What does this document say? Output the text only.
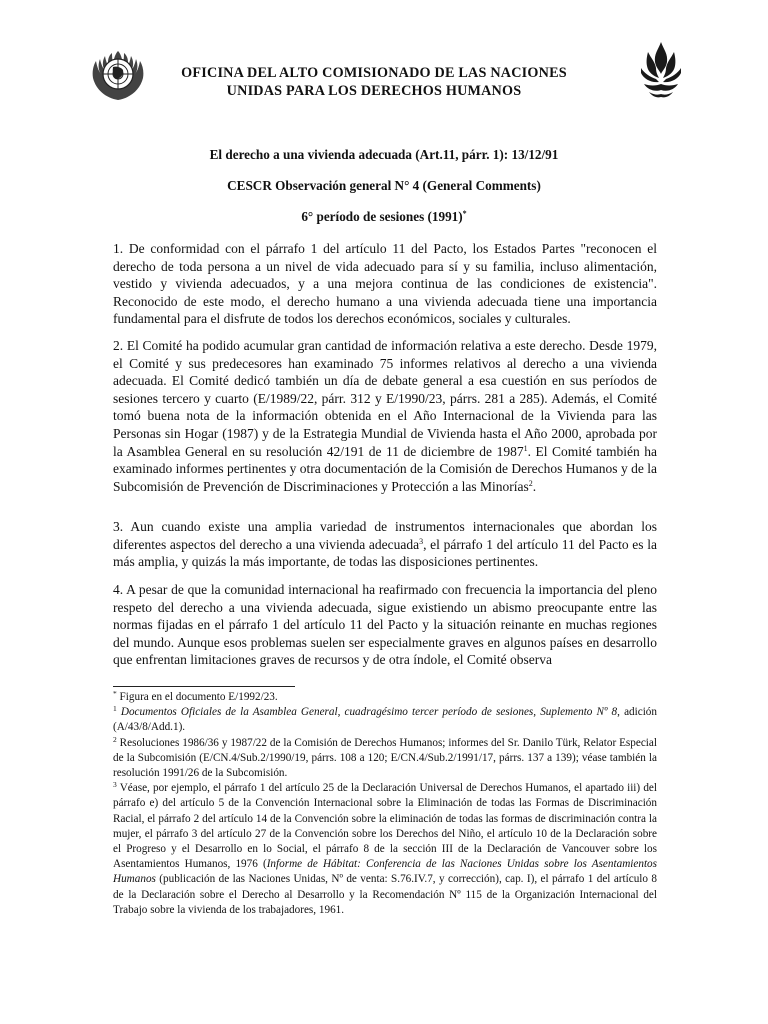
OFICINA DEL ALTO COMISIONADO DE LAS NACIONES
UNIDAS PARA LOS DERECHOS HUMANOS
El derecho a una vivienda adecuada (Art.11, párr. 1): 13/12/91
CESCR Observación general N° 4 (General Comments)
6° período de sesiones (1991)*

1. De conformidad con el párrafo 1 del artículo 11 del Pacto, los Estados Partes "reconocen el derecho de toda persona a un nivel de vida adecuado para sí y su familia, incluso alimentación, vestido y vivienda adecuados, y a una mejora continua de las condiciones de existencia". Reconocido de este modo, el derecho humano a una vivienda adecuada tiene una importancia fundamental para el disfrute de todos los derechos económicos, sociales y culturales.

2. El Comité ha podido acumular gran cantidad de información relativa a este derecho. Desde 1979, el Comité y sus predecesores han examinado 75 informes relativos al derecho a una vivienda adecuada. El Comité dedicó también un día de debate general a esa cuestión en sus períodos de sesiones tercero y cuarto (E/1989/22, párr. 312 y E/1990/23, párrs. 281 a 285). Además, el Comité tomó buena nota de la información obtenida en el Año Internacional de la Vivienda para las Personas sin Hogar (1987) y de la Estrategia Mundial de Vivienda hasta el Año 2000, aprobada por la Asamblea General en su resolución 42/191 de 11 de diciembre de 1987$^1$. El Comité también ha examinado informes pertinentes y otra documentación de la Comisión de Derechos Humanos y de la Subcomisión de Prevención de Discriminaciones y Protección a las Minorías$^2$.

3. Aun cuando existe una amplia variedad de instrumentos internacionales que abordan los diferentes aspectos del derecho a una vivienda adecuada$^3$, el párrafo 1 del artículo 11 del Pacto es la más amplia, y quizás la más importante, de todas las disposiciones pertinentes.

4. A pesar de que la comunidad internacional ha reafirmado con frecuencia la importancia del pleno respeto del derecho a una vivienda adecuada, sigue existiendo un abismo preocupante entre las normas fijadas en el párrafo 1 del artículo 11 del Pacto y la situación reinante en muchas regiones del mundo. Aunque esos problemas suelen ser especialmente graves en algunos países en desarrollo que enfrentan limitaciones graves de recursos y de otra índole, el Comité observa

* Figura en el documento E/1992/23.

$^1$ Documentos Oficiales de la Asamblea General, cuadragésimo tercer período de sesiones, Suplemento Nº 8, adición (A/43/8/Add.1).

$^2$ Resoluciones 1986/36 y 1987/22 de la Comisión de Derechos Humanos; informes del Sr. Danilo Türk, Relator Especial de la Subcomisión (E/CN.4/Sub.2/1990/19, párrs. 108 a 120; E/CN.4/Sub.2/1991/17, párrs. 137 a 139); véase también la resolución 1991/26 de la Subcomisión.

$^3$ Véase, por ejemplo, el párrafo 1 del artículo 25 de la Declaración Universal de Derechos Humanos, el apartado iii) del párrafo e) del artículo 5 de la Convención Internacional sobre la Eliminación de todas las Formas de Discriminación Racial, el párrafo 2 del artículo 14 de la Convención sobre la eliminación de todas las formas de discriminación contra la mujer, el párrafo 3 del artículo 27 de la Convención sobre los Derechos del Niño, el artículo 10 de la Declaración sobre el Progreso y el Desarrollo en lo Social, el párrafo 8 de la sección III de la Declaración de Vancouver sobre los Asentamientos Humanos, 1976 (Informe de Hábitat: Conferencia de las Naciones Unidas sobre los Asentamientos Humanos (publicación de las Naciones Unidas, Nº de venta: S.76.IV.7, y corrección), cap. I), el párrafo 1 del artículo 8 de la Declaración sobre el Derecho al Desarrollo y la Recomendación Nº 115 de la Organización Internacional del Trabajo sobre la vivienda de los trabajadores, 1961.
